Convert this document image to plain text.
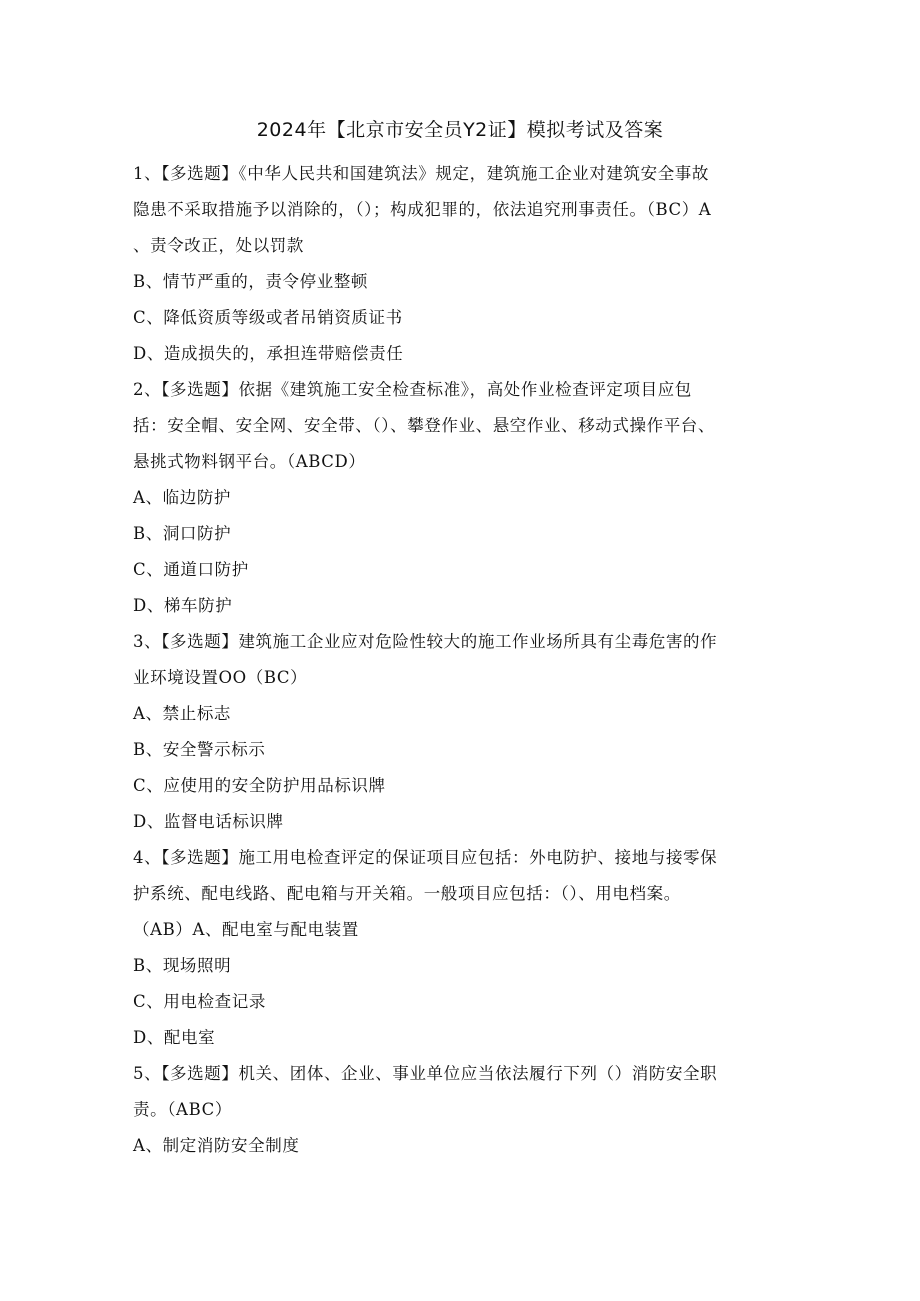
2024年【北京市安全员Y2证】模拟考试及答案
1、【多选题】《中华人民共和国建筑法》规定，建筑施工企业对建筑安全事故
隐患不采取措施予以消除的，（）；构成犯罪的，依法追究刑事责任。（BC）A
、责令改正，处以罚款
B、情节严重的，责令停业整顿
C、降低资质等级或者吊销资质证书
D、造成损失的，承担连带赔偿责任
2、【多选题】依据《建筑施工安全检查标准》，高处作业检查评定项目应包
括：安全帽、安全网、安全带、（）、攀登作业、悬空作业、移动式操作平台、
悬挑式物料钢平台。（ABCD）
A、临边防护
B、洞口防护
C、通道口防护
D、梯车防护
3、【多选题】建筑施工企业应对危险性较大的施工作业场所具有尘毒危害的作
业环境设置OO（BC）
A、禁止标志
B、安全警示标示
C、应使用的安全防护用品标识牌
D、监督电话标识牌
4、【多选题】施工用电检查评定的保证项目应包括：外电防护、接地与接零保
护系统、配电线路、配电箱与开关箱。一般项目应包括：（）、用电档案。
（AB）A、配电室与配电装置
B、现场照明
C、用电检查记录
D、配电室
5、【多选题】机关、团体、企业、事业单位应当依法履行下列（）消防安全职
责。（ABC）
A、制定消防安全制度
